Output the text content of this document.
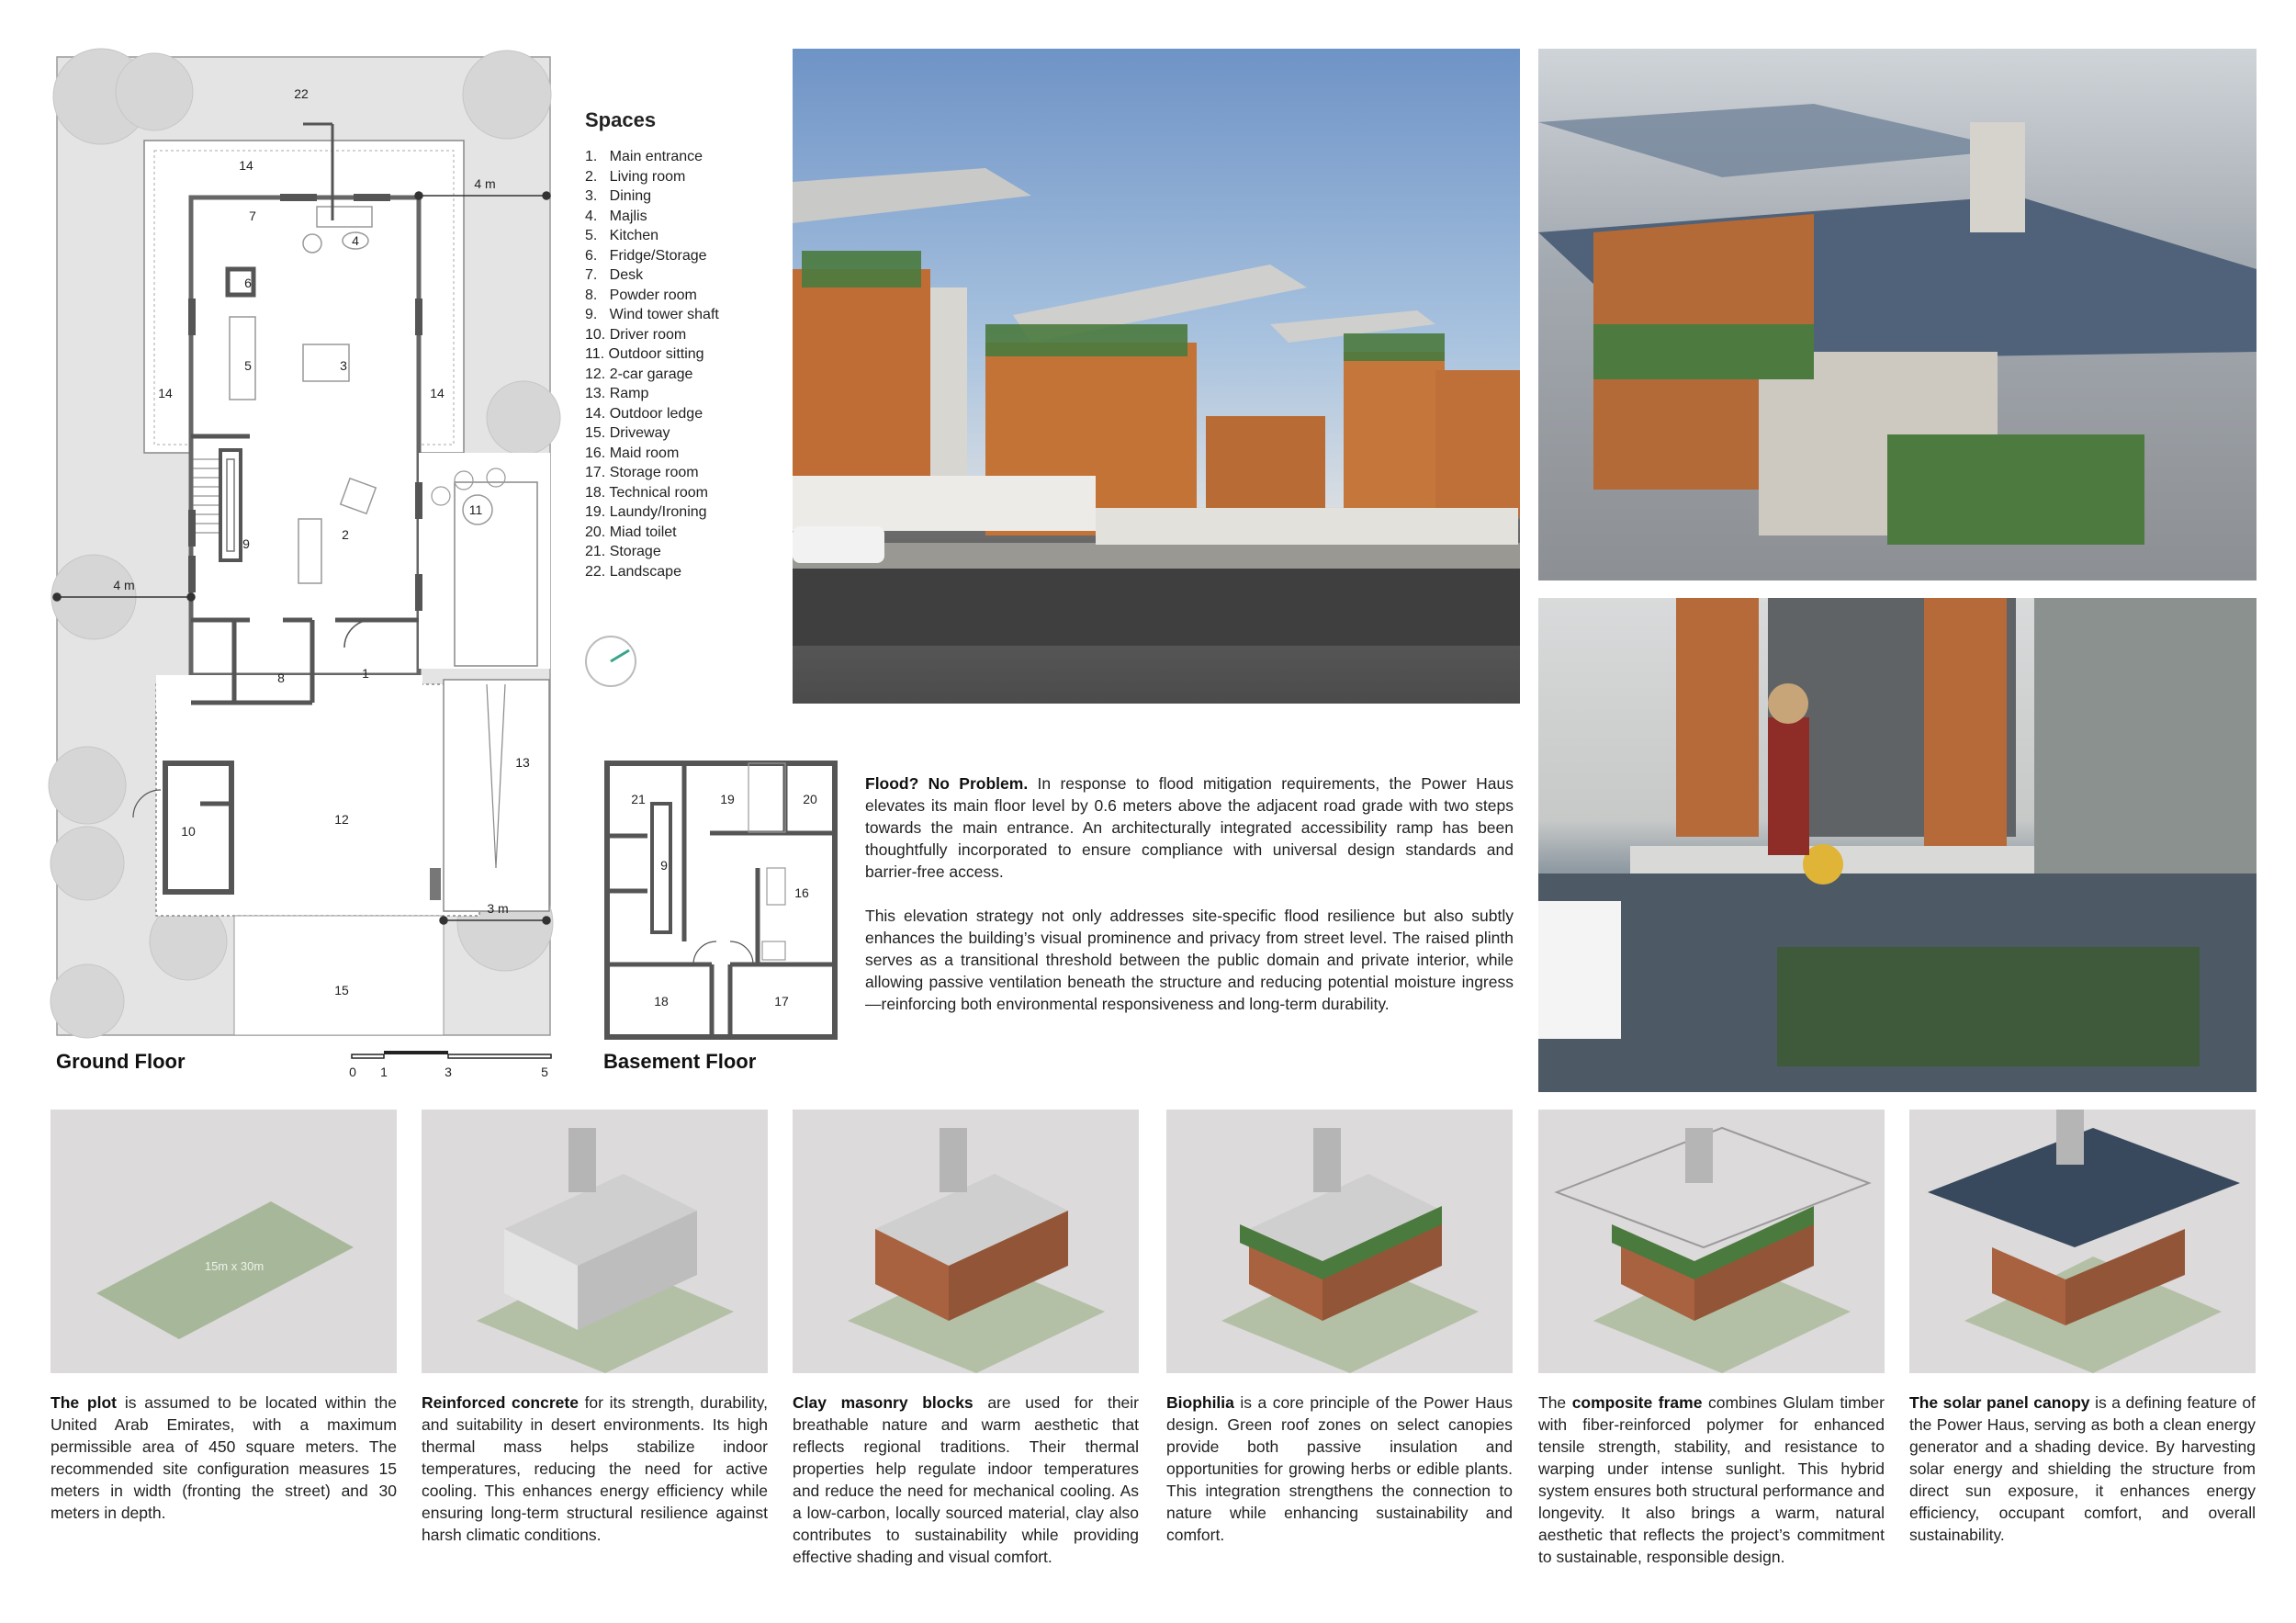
22
14
7
4
6
5	3
14	14
9
2
11
8	1
13
10
12
15
4 m
4 m
3 m
Ground Floor	0 1	3	5
Spaces
1.   Main entrance
2.   Living room
3.   Dining
4.   Majlis
5.   Kitchen
6.   Fridge/Storage
7.   Desk
8.   Powder room
9.   Wind tower shaft
10. Driver room
11. Outdoor sitting
12. 2-car garage
13. Ramp
14. Outdoor ledge
15. Driveway
16. Maid room
17. Storage room
18. Technical room
19. Laundy/Ironing
20. Miad toilet
21. Storage
22. Landscape
21	19	20
9
16
18	17
Basement Floor

Flood? No Problem. In response to flood mitigation requirements, the Power Haus elevates its main floor level by 0.6 meters above the adjacent road grade with two steps towards the main entrance. An architecturally integrated accessibility ramp has been thoughtfully incorporated to ensure compliance with universal design standards and barrier-free access.

This elevation strategy not only addresses site-specific flood resilience but also subtly enhances the building’s visual prominence and privacy from street level. The raised plinth serves as a transitional threshold between the public domain and private interior, while allowing passive ventilation beneath the structure and reducing potential moisture ingress—reinforcing both environmental responsiveness and long-term durability.

15m x 30m
The plot is assumed to be located within the United Arab Emirates, with a maximum permissible area of 450 square meters. The recommended site configuration measures 15 meters in width (fronting the street) and 30 meters in depth.
Reinforced concrete for its strength, durability, and suitability in desert environments. Its high thermal mass helps stabilize indoor temperatures, reducing the need for active cooling. This enhances energy efficiency while ensuring long-term structural resilience against harsh climatic conditions.
Clay masonry blocks are used for their breathable nature and warm aesthetic that reflects regional traditions. Their thermal properties help regulate indoor temperatures and reduce the need for mechanical cooling. As a low-carbon, locally sourced material, clay also contributes to sustainability while providing effective shading and visual comfort.
Biophilia is a core principle of the Power Haus design. Green roof zones on select canopies provide both passive insulation and opportunities for growing herbs or edible plants. This integration strengthens the connection to nature while enhancing sustainability and comfort.
The composite frame combines Glulam timber with fiber-reinforced polymer for enhanced tensile strength, stability, and resistance to warping under intense sunlight. This hybrid system ensures both structural performance and longevity. It also brings a warm, natural aesthetic that reflects the project’s commitment to sustainable, responsible design.
The solar panel canopy is a defining feature of the Power Haus, serving as both a clean energy generator and a shading device. By harvesting solar energy and shielding the structure from direct sun exposure, it enhances energy efficiency, occupant comfort, and overall sustainability.
